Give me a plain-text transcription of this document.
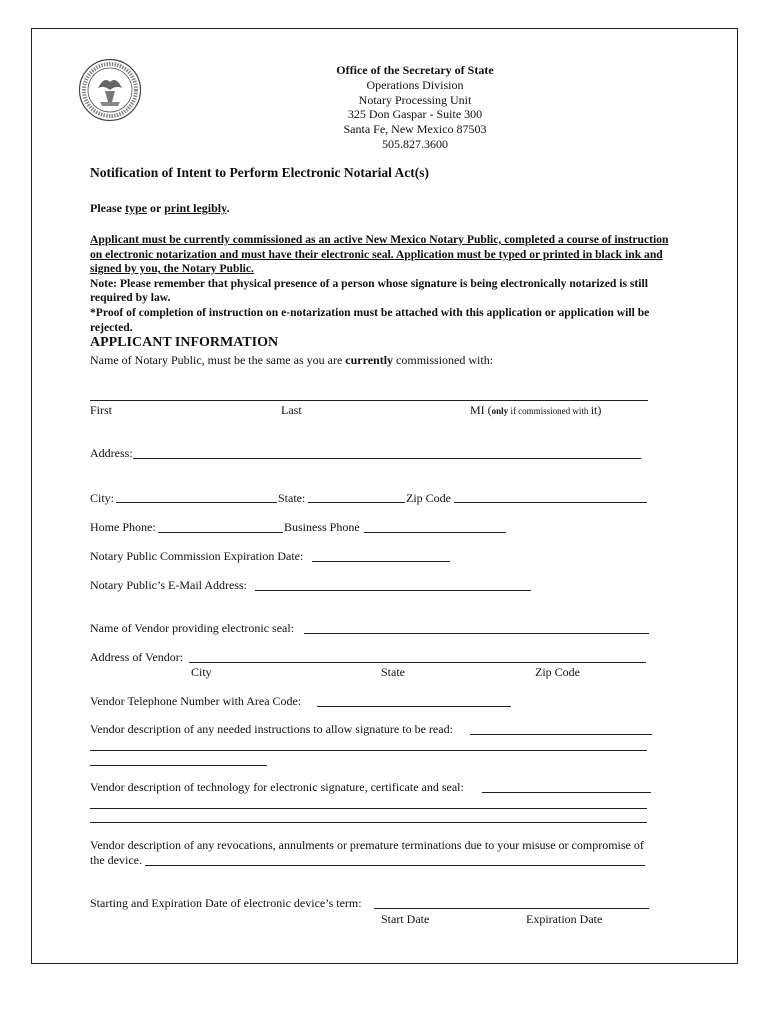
Office of the Secretary of State
Operations Division
Notary Processing Unit
325 Don Gaspar - Suite 300
Santa Fe, New Mexico 87503
505.827.3600
Notification of Intent to Perform Electronic Notarial Act(s)
Please type or print legibly.
Applicant must be currently commissioned as an active New Mexico Notary Public, completed a course of instruction on electronic notarization and must have their electronic seal. Application must be typed or printed in black ink and signed by you, the Notary Public.
Note: Please remember that physical presence of a person whose signature is being electronically notarized is still required by law.
*Proof of completion of instruction on e-notarization must be attached with this application or application will be rejected.
APPLICANT INFORMATION
Name of Notary Public, must be the same as you are currently commissioned with:
First	Last	MI (only if commissioned with it)
Address:
City:	State:	Zip Code
Home Phone:	Business Phone
Notary Public Commission Expiration Date:
Notary Public’s E-Mail Address:
Name of Vendor providing electronic seal:
Address of Vendor:
City	State	Zip Code
Vendor Telephone Number with Area Code:
Vendor description of any needed instructions to allow signature to be read:
Vendor description of technology for electronic signature, certificate and seal:
Vendor description of any revocations, annulments or premature terminations due to your misuse or compromise of
the device.
Starting and Expiration Date of electronic device’s term:
Start Date	Expiration Date
